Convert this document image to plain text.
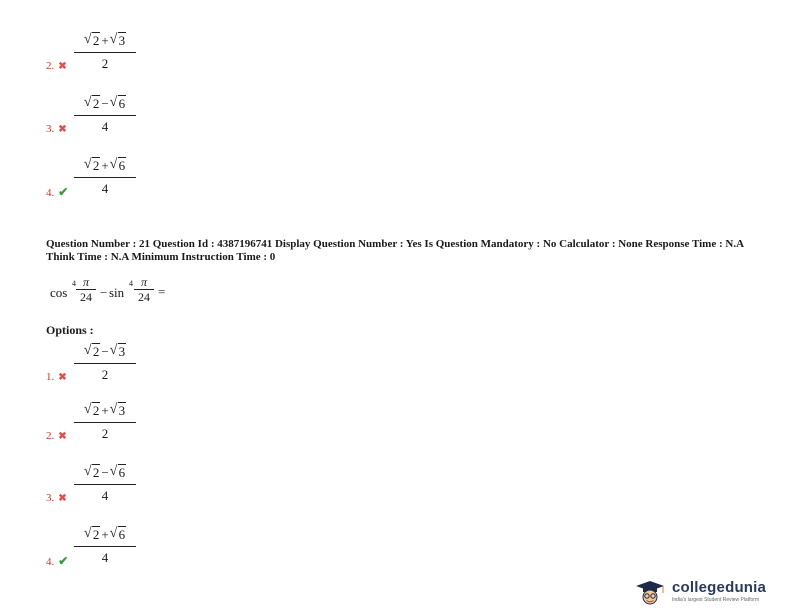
√ 2 + √ 3
2
2. ✖
√ 2 − √ 6
4
3. ✖
√ 2 + √ 6
4
4. ✔
Question Number : 21 Question Id : 4387196741 Display Question Number : Yes Is Question Mandatory : No Calculator : None Response Time : N.A Think Time : N.A Minimum Instruction Time : 0
cos
4 π
24 − sin
4 π
24 =
Options :
√ 2 − √ 3
2
1. ✖
√ 2 + √ 3
2
2. ✖
√ 2 − √ 6
4
3. ✖
√ 2 + √ 6
4
4. ✔
collegedunia
India's largest Student Review Platform
